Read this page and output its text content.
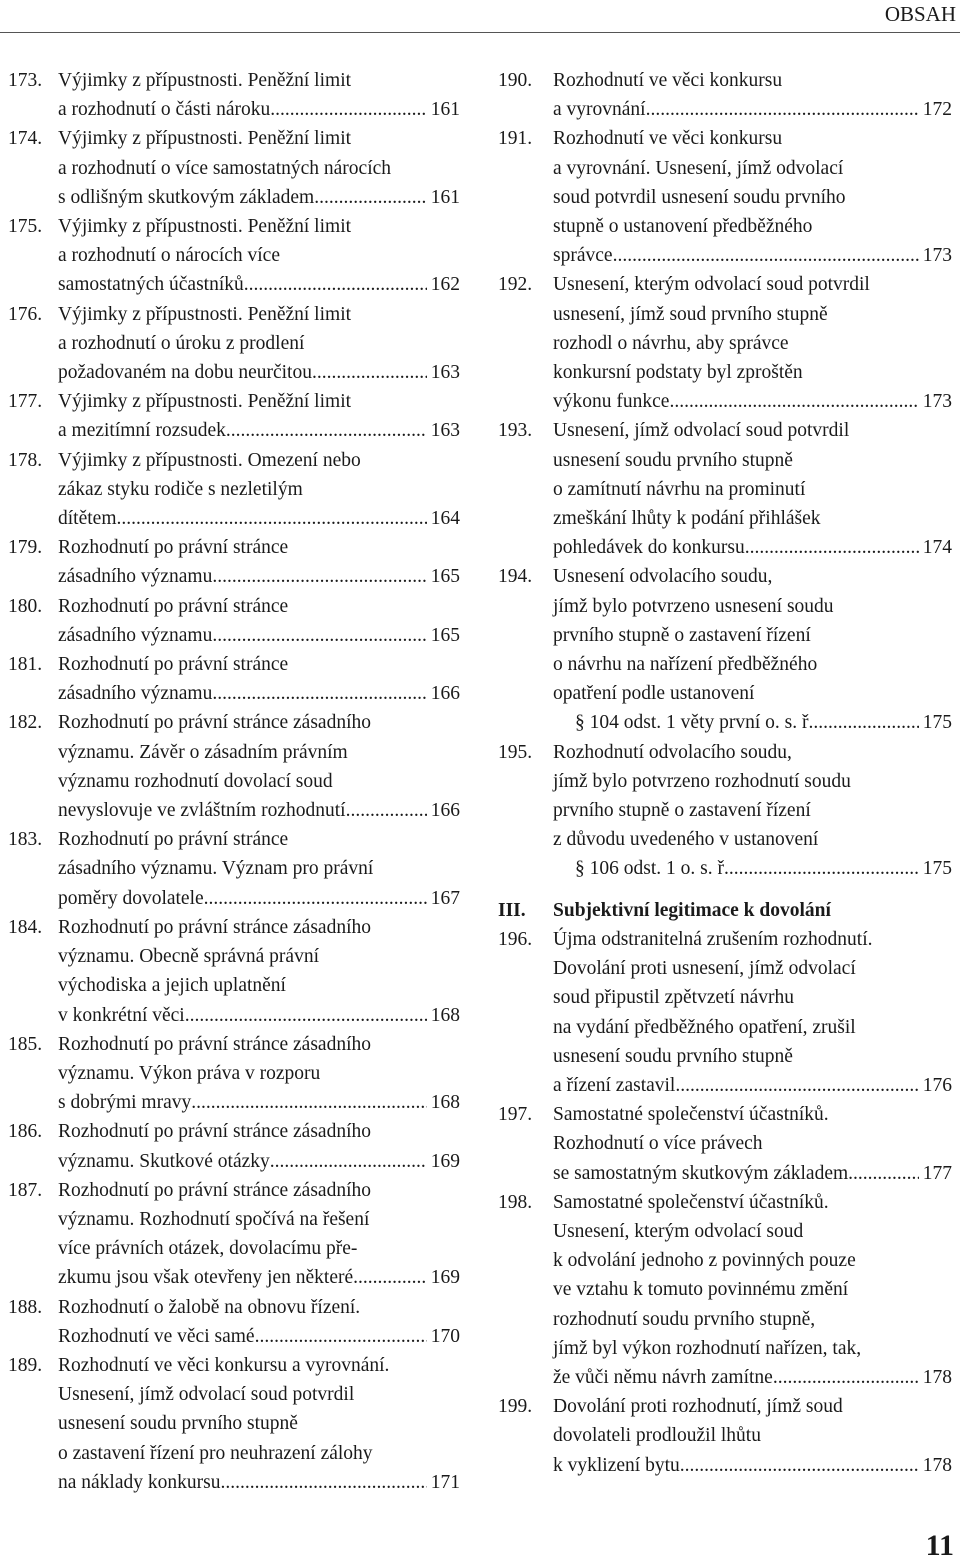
OBSAH
173. Výjimky z přípustnosti. Peněžní limit
a rozhodnutí o části nároku .....	161
174. Výjimky z přípustnosti. Peněžní limit
a rozhodnutí o více samostatných nárocích
s odlišným skutkovým základem .....	161
175. Výjimky z přípustnosti. Peněžní limit
a rozhodnutí o nárocích více
samostatných účastníků .....	162
176. Výjimky z přípustnosti. Peněžní limit
a rozhodnutí o úroku z prodlení
požadovaném na dobu neurčitou .....	163
177. Výjimky z přípustnosti. Peněžní limit
a mezitímní rozsudek .....	163
178. Výjimky z přípustnosti. Omezení nebo
zákaz styku rodiče s nezletilým
dítětem .....	164
179. Rozhodnutí po právní stránce
zásadního významu .....	165
180. Rozhodnutí po právní stránce
zásadního významu .....	165
181. Rozhodnutí po právní stránce
zásadního významu .....	166
182. Rozhodnutí po právní stránce zásadního
významu. Závěr o zásadním právním
významu rozhodnutí dovolací soud
nevyslovuje ve zvláštním rozhodnutí .....	166
183. Rozhodnutí po právní stránce
zásadního významu. Význam pro právní
poměry dovolatele .....	167
184. Rozhodnutí po právní stránce zásadního
významu. Obecně správná právní
východiska a jejich uplatnění
v konkrétní věci .....	168
185. Rozhodnutí po právní stránce zásadního
významu. Výkon práva v rozporu
s dobrými mravy .....	168
186. Rozhodnutí po právní stránce zásadního
významu. Skutkové otázky .....	169
187. Rozhodnutí po právní stránce zásadního
významu. Rozhodnutí spočívá na řešení
více právních otázek, dovolacímu pře-
zkumu jsou však otevřeny jen některé .....	169
188. Rozhodnutí o žalobě na obnovu řízení.
Rozhodnutí ve věci samé .....	170
189. Rozhodnutí ve věci konkursu a vyrovnání.
Usnesení, jímž odvolací soud potvrdil
usnesení soudu prvního stupně
o zastavení řízení pro neuhrazení zálohy
na náklady konkursu .....	171
190.	Rozhodnutí ve věci konkursu
a vyrovnání .....	172
191.	Rozhodnutí ve věci konkursu
a vyrovnání. Usnesení, jímž odvolací
soud potvrdil usnesení soudu prvního
stupně o ustanovení předběžného
správce .....	173
192.	Usnesení, kterým odvolací soud potvrdil
usnesení, jímž soud prvního stupně
rozhodl o návrhu, aby správce
konkursní podstaty byl zproštěn
výkonu funkce .....	173
193.	Usnesení, jímž odvolací soud potvrdil
usnesení soudu prvního stupně
o zamítnutí návrhu na prominutí
zmeškání lhůty k podání přihlášek
pohledávek do konkursu .....	174
194.	Usnesení odvolacího soudu,
jímž bylo potvrzeno usnesení soudu
prvního stupně o zastavení řízení
o návrhu na nařízení předběžného
opatření podle ustanovení
§ 104 odst. 1 věty první o. s. ř. .....	175
195.	Rozhodnutí odvolacího soudu,
jímž bylo potvrzeno rozhodnutí soudu
prvního stupně o zastavení řízení
z důvodu uvedeného v ustanovení
§ 106 odst. 1 o. s. ř. .....	175
III.	Subjektivní legitimace k dovolání
196.	Újma odstranitelná zrušením rozhodnutí.
Dovolání proti usnesení, jímž odvolací
soud připustil zpětvzetí návrhu
na vydání předběžného opatření, zrušil
usnesení soudu prvního stupně
a řízení zastavil .....	176
197.	Samostatné společenství účastníků.
Rozhodnutí o více právech
se samostatným skutkovým základem .....	177
198.	Samostatné společenství účastníků.
Usnesení, kterým odvolací soud
k odvolání jednoho z povinných pouze
ve vztahu k tomuto povinnému změní
rozhodnutí soudu prvního stupně,
jímž byl výkon rozhodnutí nařízen, tak,
že vůči němu návrh zamítne .....	178
199.	Dovolání proti rozhodnutí, jímž soud
dovolateli prodloužil lhůtu
k vyklizení bytu .....	178
11
